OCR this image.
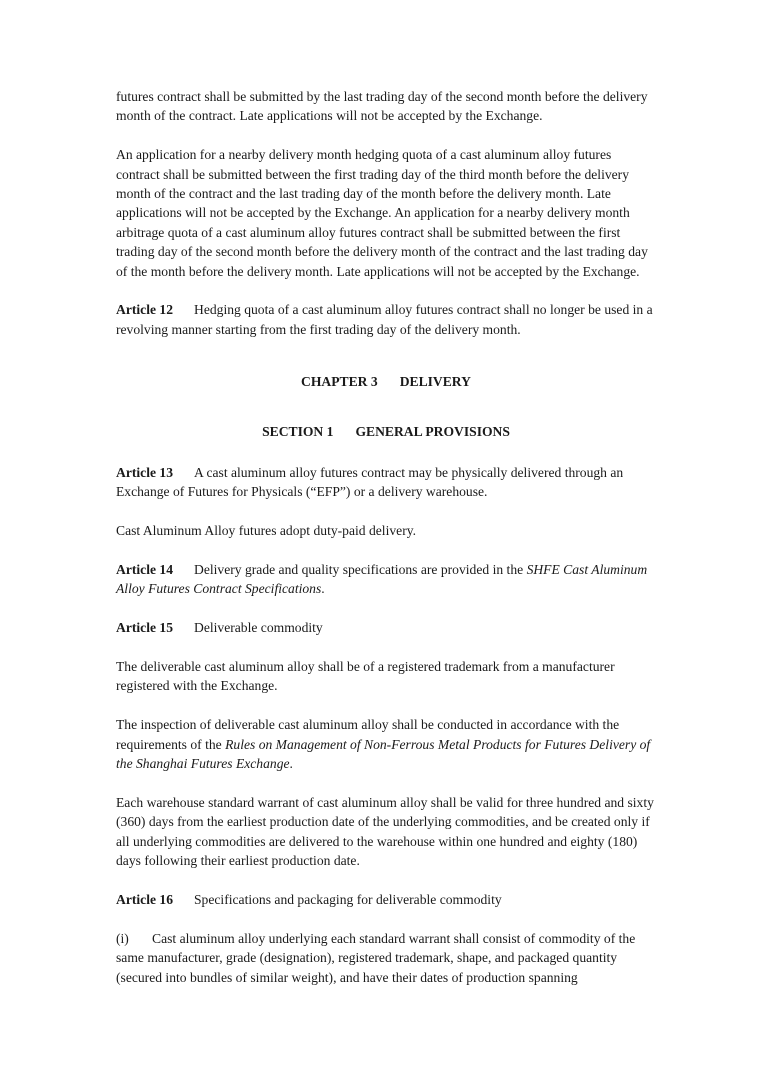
futures contract shall be submitted by the last trading day of the second month before the delivery month of the contract. Late applications will not be accepted by the Exchange.

An application for a nearby delivery month hedging quota of a cast aluminum alloy futures contract shall be submitted between the first trading day of the third month before the delivery month of the contract and the last trading day of the month before the delivery month. Late applications will not be accepted by the Exchange. An application for a nearby delivery month arbitrage quota of a cast aluminum alloy futures contract shall be submitted between the first trading day of the second month before the delivery month of the contract and the last trading day of the month before the delivery month. Late applications will not be accepted by the Exchange.

Article 12 Hedging quota of a cast aluminum alloy futures contract shall no longer be used in a revolving manner starting from the first trading day of the delivery month.

CHAPTER 3 DELIVERY

SECTION 1 GENERAL PROVISIONS

Article 13 A cast aluminum alloy futures contract may be physically delivered through an Exchange of Futures for Physicals (“EFP”) or a delivery warehouse.

Cast Aluminum Alloy futures adopt duty-paid delivery.

Article 14 Delivery grade and quality specifications are provided in the SHFE Cast Aluminum Alloy Futures Contract Specifications.

Article 15 Deliverable commodity

The deliverable cast aluminum alloy shall be of a registered trademark from a manufacturer registered with the Exchange.

The inspection of deliverable cast aluminum alloy shall be conducted in accordance with the requirements of the Rules on Management of Non-Ferrous Metal Products for Futures Delivery of the Shanghai Futures Exchange.

Each warehouse standard warrant of cast aluminum alloy shall be valid for three hundred and sixty (360) days from the earliest production date of the underlying commodities, and be created only if all underlying commodities are delivered to the warehouse within one hundred and eighty (180) days following their earliest production date.

Article 16 Specifications and packaging for deliverable commodity

(i) Cast aluminum alloy underlying each standard warrant shall consist of commodity of the same manufacturer, grade (designation), registered trademark, shape, and packaged quantity (secured into bundles of similar weight), and have their dates of production spanning
